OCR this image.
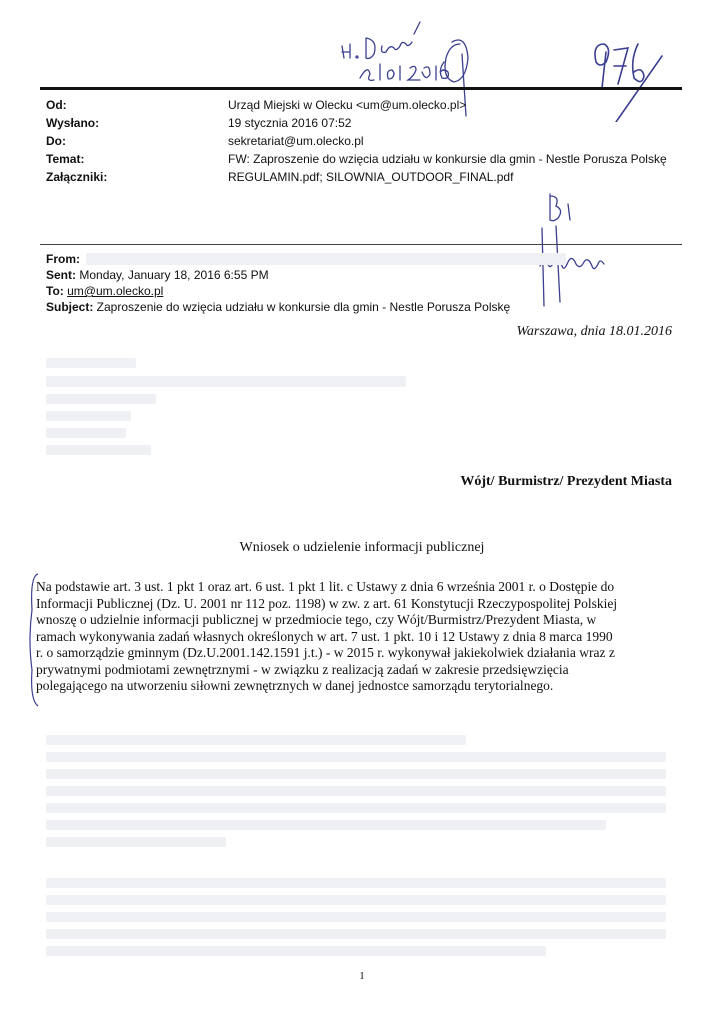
Od:	Urząd Miejski w Olecku <um@um.olecko.pl>
Wysłano:	19 stycznia 2016 07:52
Do:	sekretariat@um.olecko.pl
Temat:	FW: Zaproszenie do wzięcia udziału w konkursie dla gmin - Nestle Porusza Polskę
Załączniki:	REGULAMIN.pdf; SILOWNIA_OUTDOOR_FINAL.pdf
From:
Sent: Monday, January 18, 2016 6:55 PM
To: um@um.olecko.pl
Subject: Zaproszenie do wzięcia udziału w konkursie dla gmin - Nestle Porusza Polskę
Warszawa, dnia 18.01.2016
Wójt/ Burmistrz/ Prezydent Miasta
Wniosek o udzielenie informacji publicznej
Na podstawie art. 3 ust. 1 pkt 1 oraz art. 6 ust. 1 pkt 1 lit. c Ustawy z dnia 6 września 2001 r. o Dostępie do
Informacji Publicznej (Dz. U. 2001 nr 112 poz. 1198) w zw. z art. 61 Konstytucji Rzeczypospolitej Polskiej
wnoszę o udzielnie informacji publicznej w przedmiocie tego, czy Wójt/Burmistrz/Prezydent Miasta, w
ramach wykonywania zadań własnych określonych w art. 7 ust. 1 pkt. 10 i 12 Ustawy z dnia 8 marca 1990
r. o samorządzie gminnym (Dz.U.2001.142.1591 j.t.) - w 2015 r. wykonywał jakiekolwiek działania wraz z
prywatnymi podmiotami zewnętrznymi - w związku z realizacją zadań w zakresie przedsięwzięcia
polegającego na utworzeniu siłowni zewnętrznych w danej jednostce samorządu terytorialnego.
1
